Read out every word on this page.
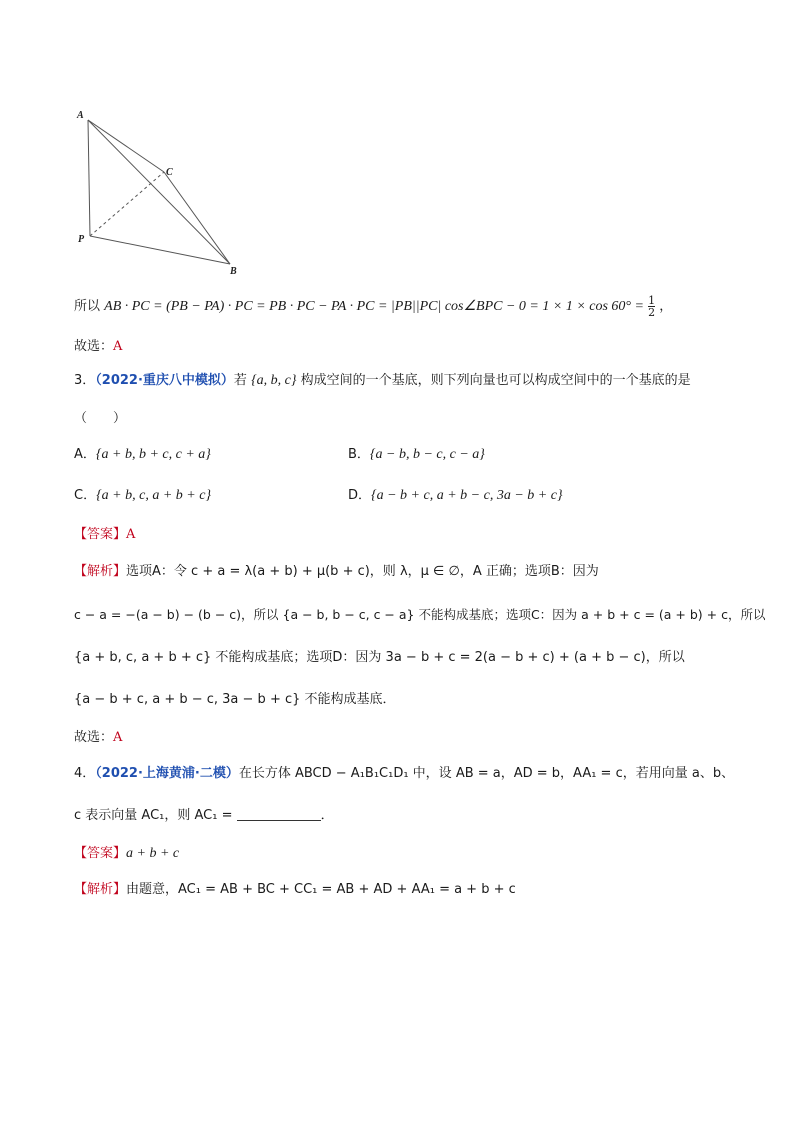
A
C
P
B
所以 AB · PC = (PB − PA) · PC = PB · PC − PA · PC = |PB||PC| cos∠BPC − $0 = 1 \times 1 \times \cos 60^\circ = \frac{1}{2}$ ，
故选：A
3．（2022·重庆八中模拟）若 {a, b, c} 构成空间的一个基底，则下列向量也可以构成空间中的一个基底的是
（　　）
A．{a + b, b + c, c + a}	B．{a − b, b − c, c − a}
C．{a + b, c, a + b + c}	D．{a − b + c, a + b − c, 3a − b + c}
【答案】A
【解析】选项A：令 c + a = λ(a + b) + μ(b + c)，则 λ，μ ∈ ∅，A 正确；选项B：因为
c − a = −(a − b) − (b − c)，所以 {a − b, b − c, c − a} 不能构成基底；选项C：因为 a + b + c = (a + b) + c，所以
{a + b, c, a + b + c} 不能构成基底；选项D：因为 3a − b + c = 2(a − b + c) + (a + b − c)，所以
{a − b + c, a + b − c, 3a − b + c} 不能构成基底．
故选：A
4．（2022·上海黄浦·二模）在长方体 ABCD − A₁B₁C₁D₁ 中，设 AB = a，AD = b，AA₁ = c，若用向量 a、b、
c 表示向量 AC₁，则 AC₁ =	．
【答案】a + b + c
【解析】由题意，AC₁ = AB + BC + CC₁ = AB + AD + AA₁ = a + b + c
